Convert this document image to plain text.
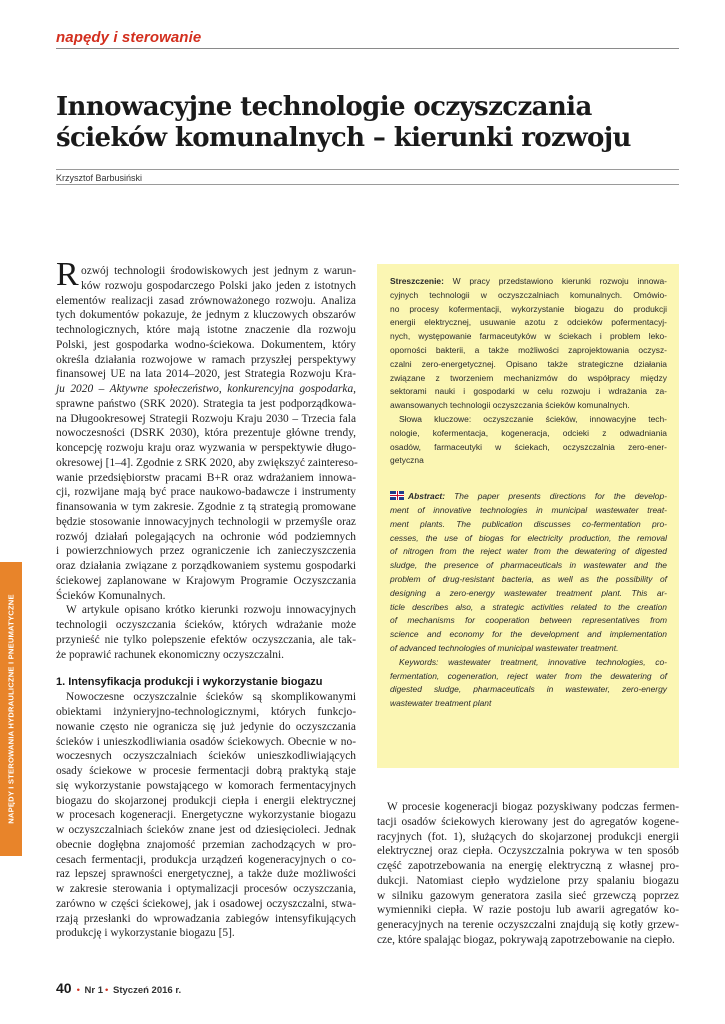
napędy i sterowanie
NAPĘDY I STEROWANIA HYDRAULICZNE I PNEUMATYCZNE
Innowacyjne technologie oczyszczania ścieków komunalnych – kierunki rozwoju
Krzysztof Barbusiński
R ozwój technologii środowiskowych jest jednym z warun-
ków rozwoju gospodarczego Polski jako jeden z istotnych
elementów realizacji zasad zrównoważonego rozwoju. Analiza
tych dokumentów pokazuje, że jednym z kluczowych obszarów
technologicznych, które mają istotne znaczenie dla rozwoju
Polski, jest gospodarka wodno-ściekowa. Dokumentem, który
określa działania rozwojowe w ramach przyszłej perspektywy
finansowej UE na lata 2014–2020, jest Strategia Rozwoju Kra-
ju 2020 – Aktywne społeczeństwo, konkurencyjna gospodarka,
sprawne państwo (SRK 2020). Strategia ta jest podporządkowa-
na Długookresowej Strategii Rozwoju Kraju 2030 – Trzecia fala
nowoczesności (DSRK 2030), która prezentuje główne trendy,
koncepcję rozwoju kraju oraz wyzwania w perspektywie długo-
okresowej [1–4]. Zgodnie z SRK 2020, aby zwiększyć zaintereso-
wanie przedsiębiorstw pracami B+R oraz wdrażaniem innowa-
cji, rozwijane mają być prace naukowo-badawcze i instrumenty
finansowania w tym zakresie. Zgodnie z tą strategią promowane
będzie stosowanie innowacyjnych technologii w przemyśle oraz
rozwój działań polegających na ochronie wód podziemnych
i powierzchniowych przez ograniczenie ich zanieczyszczenia
oraz działania związane z porządkowaniem systemu gospodarki
ściekowej zaplanowane w Krajowym Programie Oczyszczania
Ścieków Komunalnych.
W artykule opisano krótko kierunki rozwoju innowacyjnych
technologii oczyszczania ścieków, których wdrażanie może
przynieść nie tylko polepszenie efektów oczyszczania, ale tak-
że poprawić rachunek ekonomiczny oczyszczalni.
1. Intensyfikacja produkcji i wykorzystanie biogazu
Nowoczesne oczyszczalnie ścieków są skomplikowanymi
obiektami inżynieryjno-technologicznymi, których funkcjo-
nowanie często nie ogranicza się już jedynie do oczyszczania
ścieków i unieszkodliwiania osadów ściekowych. Obecnie w no-
woczesnych oczyszczalniach ścieków unieszkodliwiających
osady ściekowe w procesie fermentacji dobrą praktyką staje
się wykorzystanie powstającego w komorach fermentacyjnych
biogazu do skojarzonej produkcji ciepła i energii elektrycznej
w procesach kogeneracji. Energetyczne wykorzystanie biogazu
w oczyszczalniach ścieków znane jest od dziesięcioleci. Jednak
obecnie dogłębna znajomość przemian zachodzących w pro-
cesach fermentacji, produkcja urządzeń kogeneracyjnych o co-
raz lepszej sprawności energetycznej, a także duże możliwości
w zakresie sterowania i optymalizacji procesów oczyszczania,
zarówno w części ściekowej, jak i osadowej oczyszczalni, stwa-
rzają przesłanki do wprowadzania zabiegów intensyfikujących
produkcję i wykorzystanie biogazu [5].
Streszczenie: W pracy przedstawiono kierunki rozwoju innowa-
cyjnych technologii w oczyszczalniach komunalnych. Omówio-
no procesy kofermentacji, wykorzystanie biogazu do produkcji
energii elektrycznej, usuwanie azotu z odcieków pofermentacyj-
nych, występowanie farmaceutyków w ściekach i problem leko-
oporności bakterii, a także możliwości zaprojektowania oczysz-
czalni zero-energetycznej. Opisano także strategiczne działania
związane z tworzeniem mechanizmów do współpracy między
sektorami nauki i gospodarki w celu rozwoju i wdrażania za-
awansowanych technologii oczyszczania ścieków komunalnych.
Słowa kluczowe: oczyszczanie ścieków, innowacyjne tech-
nologie, kofermentacja, kogeneracja, odcieki z odwadniania
osadów, farmaceutyki w ściekach, oczyszczalnia zero-ener-
getyczna
Abstract: The paper presents directions for the develop-
ment of innovative technologies in municipal wastewater treat-
ment plants. The publication discusses co-fermentation pro-
cesses, the use of biogas for electricity production, the removal
of nitrogen from the reject water from the dewatering of digested
sludge, the presence of pharmaceuticals in wastewater and the
problem of drug-resistant bacteria, as well as the possibility of
designing a zero-energy wastewater treatment plant. This ar-
ticle describes also, a strategic activities related to the creation
of mechanisms for cooperation between representatives from
science and economy for the development and implementation
of advanced technologies of municipal wastewater treatment.
Keywords: wastewater treatment, innovative technologies, co-
fermentation, cogeneration, reject water from the dewatering of
digested sludge, pharmaceuticals in wastewater, zero-energy
wastewater treatment plant
W procesie kogeneracji biogaz pozyskiwany podczas fermen-
tacji osadów ściekowych kierowany jest do agregatów kogene-
racyjnych (fot. 1), służących do skojarzonej produkcji energii
elektrycznej oraz ciepła. Oczyszczalnia pokrywa w ten sposób
część zapotrzebowania na energię elektryczną z własnej pro-
dukcji. Natomiast ciepło wydzielone przy spalaniu biogazu
w silniku gazowym generatora zasila sieć grzewczą poprzez
wymienniki ciepła. W razie postoju lub awarii agregatów ko-
generacyjnych na terenie oczyszczalni znajdują się kotły grzew-
cze, które spalając biogaz, pokrywają zapotrzebowanie na ciepło.
40 • Nr 1 • Styczeń 2016 r.
